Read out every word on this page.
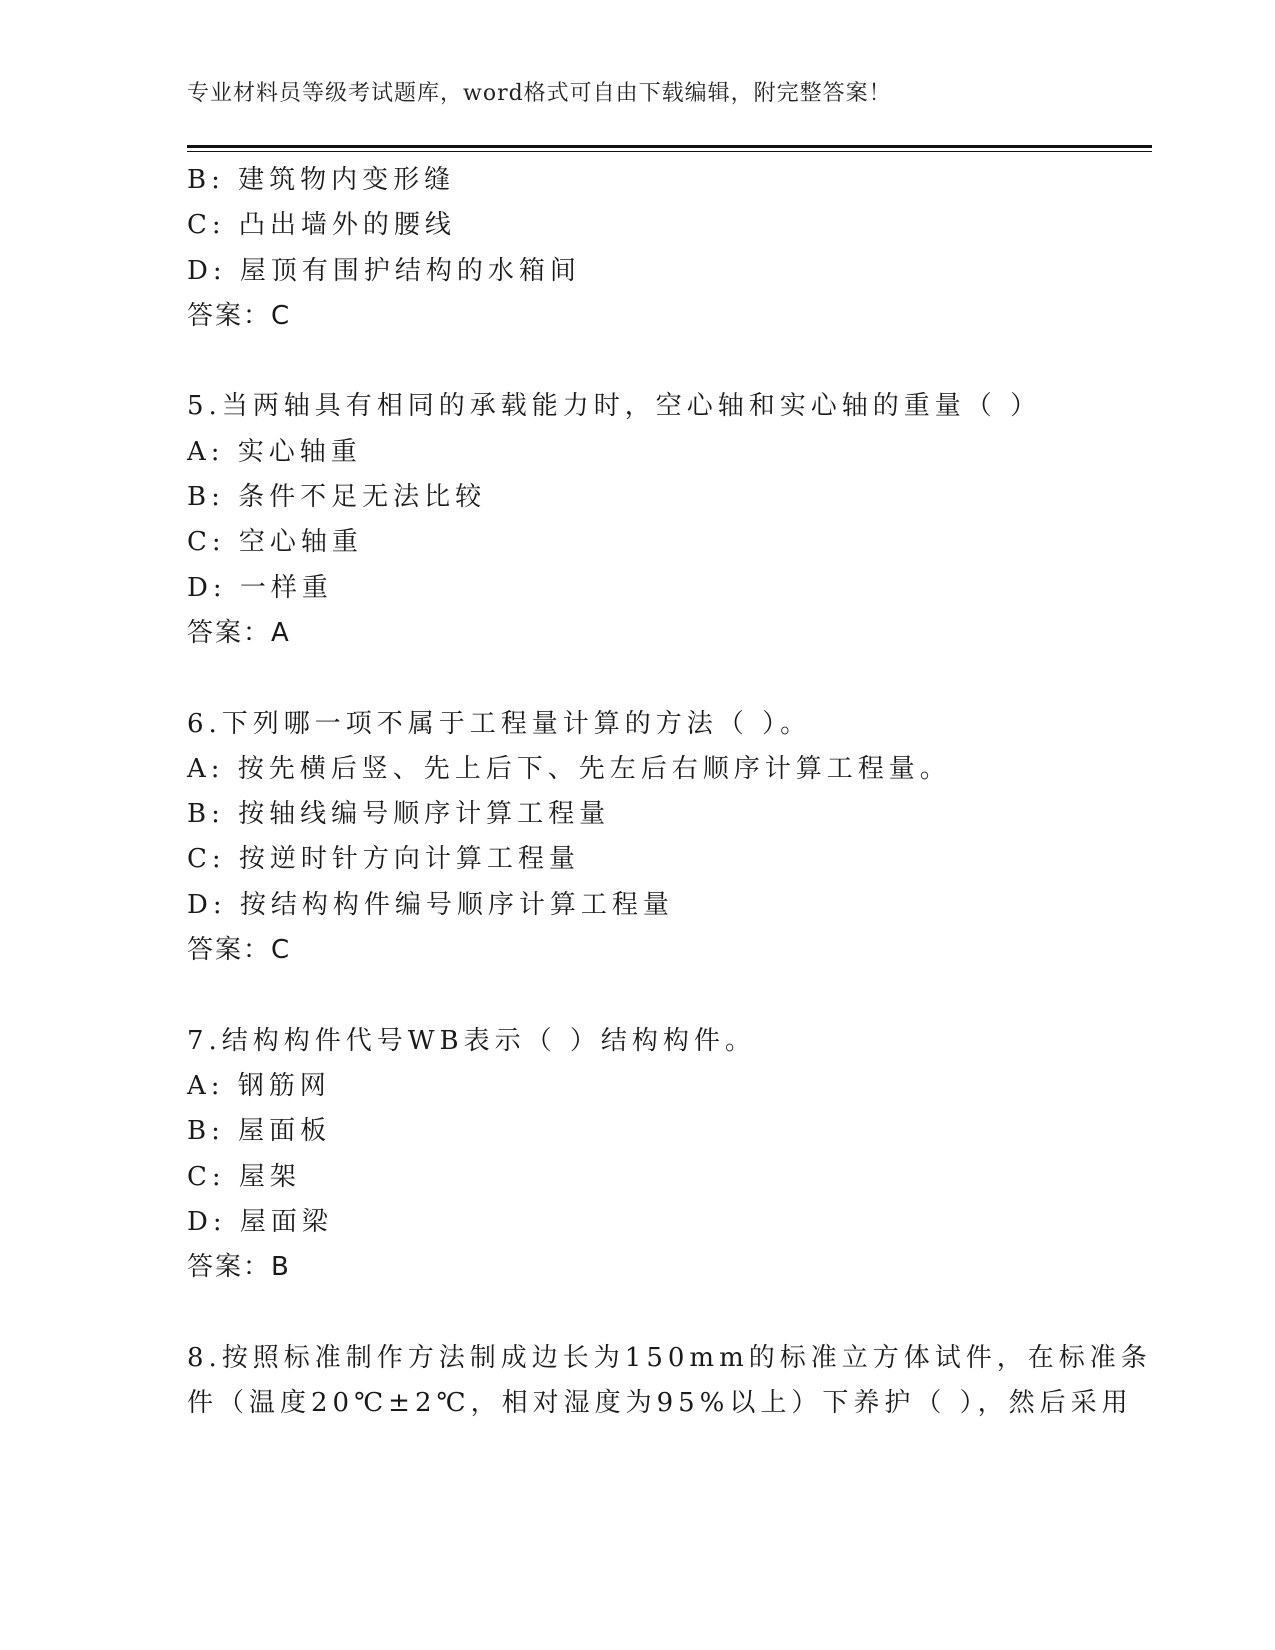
专业材料员等级考试题库，word格式可自由下载编辑，附完整答案！
B: 建筑物内变形缝
C: 凸出墙外的腰线
D: 屋顶有围护结构的水箱间
答案：C
5.当两轴具有相同的承载能力时，空心轴和实心轴的重量（ ）
A: 实心轴重
B: 条件不足无法比较
C: 空心轴重
D: 一样重
答案：A
6.下列哪一项不属于工程量计算的方法（ ）。
A: 按先横后竖、先上后下、先左后右顺序计算工程量。
B: 按轴线编号顺序计算工程量
C: 按逆时针方向计算工程量
D: 按结构构件编号顺序计算工程量
答案：C
7.结构构件代号WB表示（ ）结构构件。
A: 钢筋网
B: 屋面板
C: 屋架
D: 屋面梁
答案：B
8.按照标准制作方法制成边长为150mm的标准立方体试件，在标准条
件（温度20℃±2℃，相对湿度为95%以上）下养护（ ），然后采用
